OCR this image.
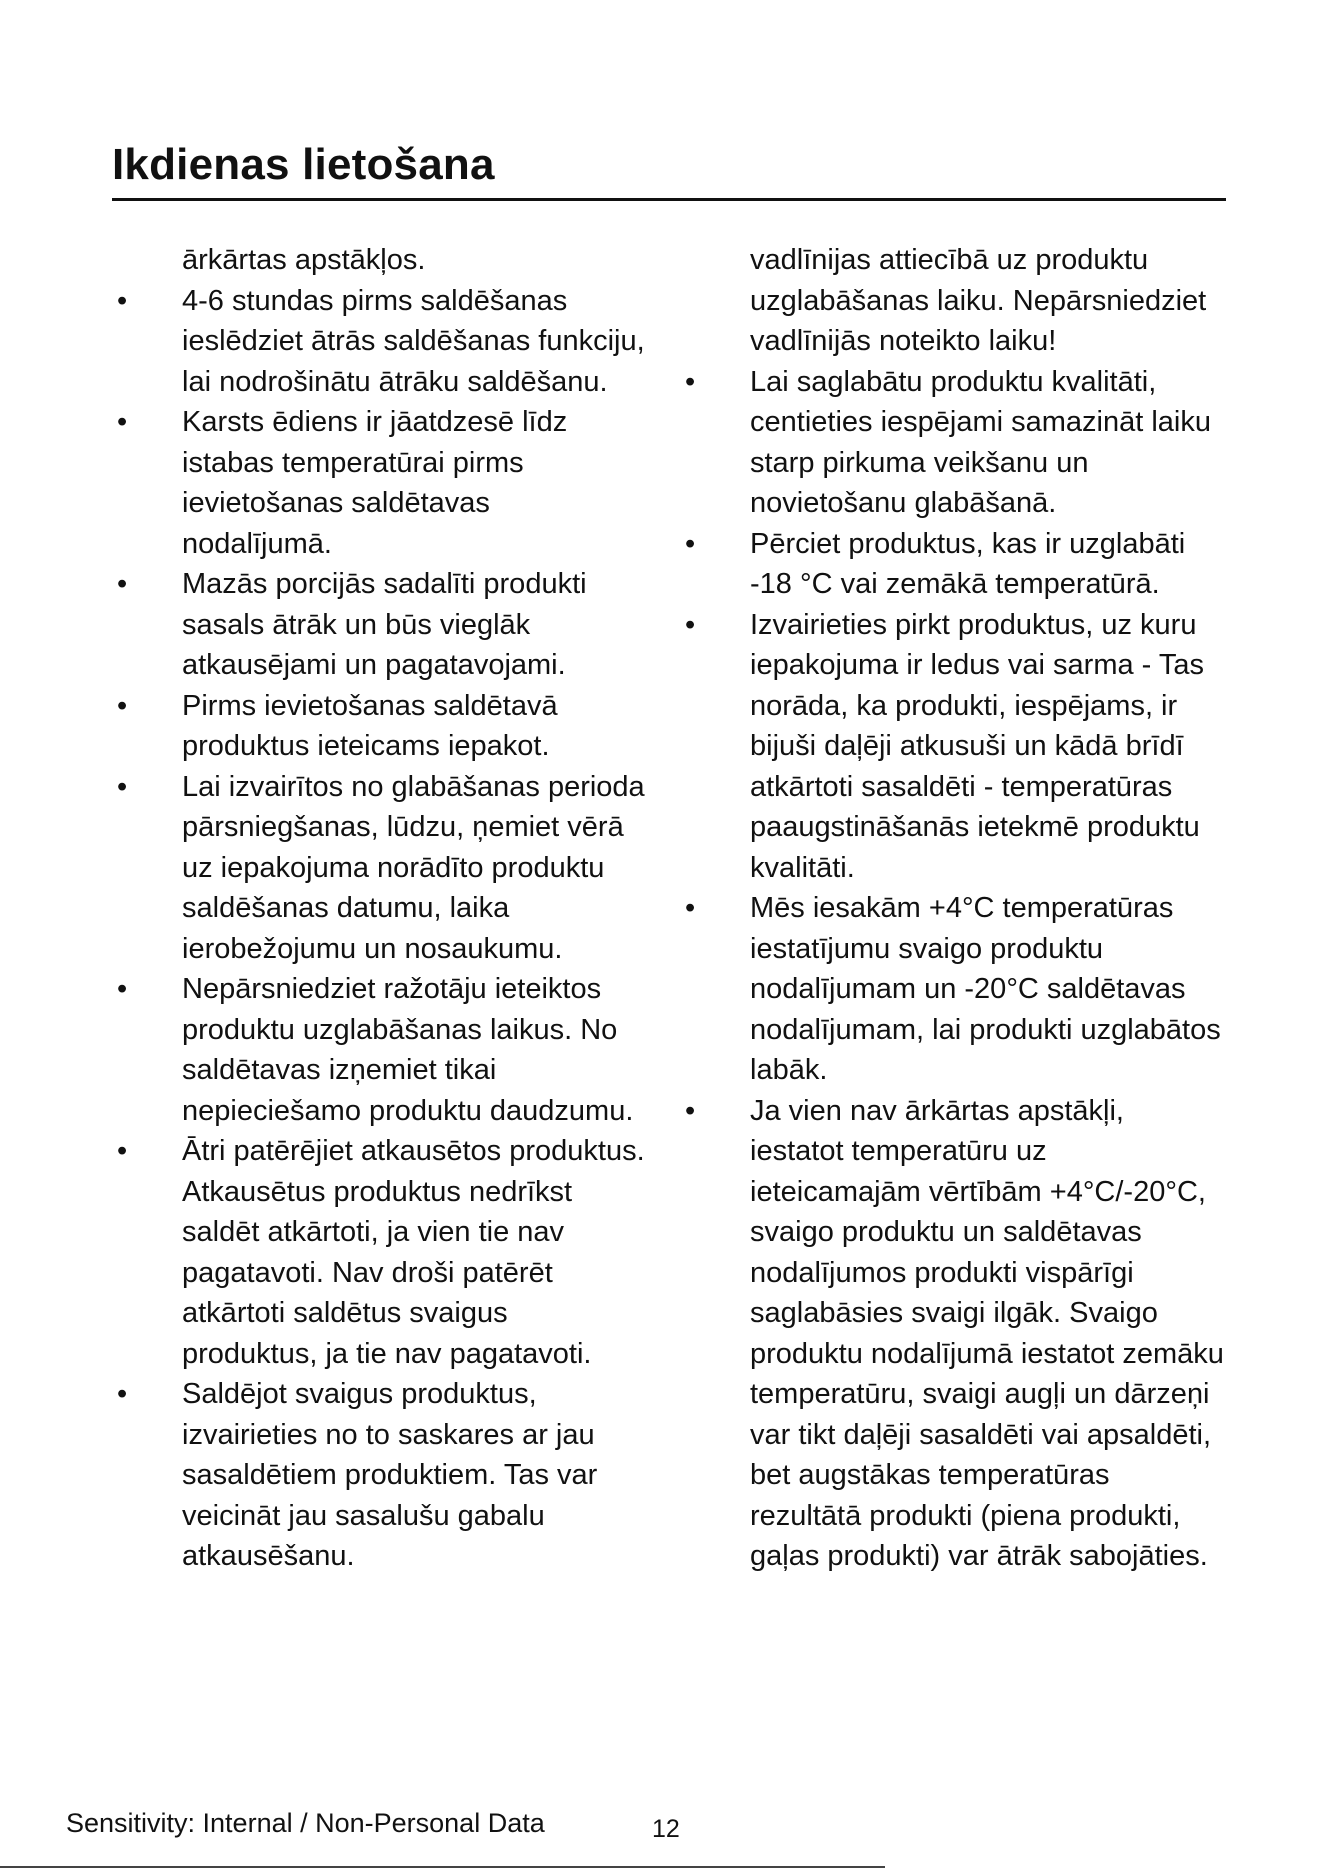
Ikdienas lietošana

ārkārtas apstākļos.

•	4-6 stundas pirms saldēšanas ieslēdziet ātrās saldēšanas funkciju, lai nodrošinātu ātrāku saldēšanu.
•	Karsts ēdiens ir jāatdzesē līdz istabas temperatūrai pirms ievietošanas saldētavas nodalījumā.
•	Mazās porcijās sadalīti produkti sasals ātrāk un būs vieglāk atkausējami un pagatavojami.
•	Pirms ievietošanas saldētavā produktus ieteicams iepakot.
•	Lai izvairītos no glabāšanas perioda pārsniegšanas, lūdzu, ņemiet vērā uz iepakojuma norādīto produktu saldēšanas datumu, laika ierobežojumu un nosaukumu.
•	Nepārsniedziet ražotāju ieteiktos produktu uzglabāšanas laikus. No saldētavas izņemiet tikai nepieciešamo produktu daudzumu.
•	Ātri patērējiet atkausētos produktus. Atkausētus produktus nedrīkst saldēt atkārtoti, ja vien tie nav pagatavoti. Nav droši patērēt atkārtoti saldētus svaigus produktus, ja tie nav pagatavoti.
•	Saldējot svaigus produktus, izvairieties no to saskares ar jau sasaldētiem produktiem. Tas var veicināt jau sasalušu gabalu atkausēšanu.

vadlīnijas attiecībā uz produktu uzglabāšanas laiku. Nepārsniedziet vadlīnijās noteikto laiku!

•	Lai saglabātu produktu kvalitāti, centieties iespējami samazināt laiku starp pirkuma veikšanu un novietošanu glabāšanā.
•	Pērciet produktus, kas ir uzglabāti -18 °C vai zemākā temperatūrā.
•	Izvairieties pirkt produktus, uz kuru iepakojuma ir ledus vai sarma - Tas norāda, ka produkti, iespējams, ir bijuši daļēji atkusuši un kādā brīdī atkārtoti sasaldēti - temperatūras paaugstināšanās ietekmē produktu kvalitāti.
•	Mēs iesakām +4°C temperatūras iestatījumu svaigo produktu nodalījumam un -20°C saldētavas nodalījumam, lai produkti uzglabātos labāk.
•	Ja vien nav ārkārtas apstākļi, iestatot temperatūru uz ieteicamajām vērtībām +4°C/-20°C, svaigo produktu un saldētavas nodalījumos produkti vispārīgi saglabāsies svaigi ilgāk. Svaigo produktu nodalījumā iestatot zemāku temperatūru, svaigi augļi un dārzeņi var tikt daļēji sasaldēti vai apsaldēti, bet augstākas temperatūras rezultātā produkti (piena produkti, gaļas produkti) var ātrāk sabojāties.
Sensitivity: Internal / Non-Personal Data	12
